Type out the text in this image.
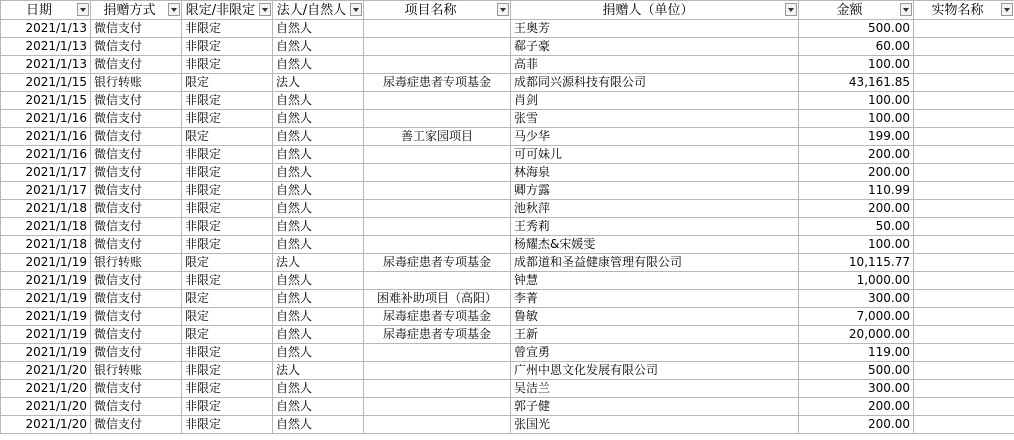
日期	捐赠方式	限定/非限定	法人/自然人	项目名称	捐赠人（单位）	金额	实物名称

2021/1/13	微信支付	非限定	自然人		王奥芳	500.00	
2021/1/13	微信支付	非限定	自然人		郗子豪	60.00	
2021/1/13	微信支付	非限定	自然人		高菲	100.00	
2021/1/15	银行转账	限定	法人	尿毒症患者专项基金	成都同兴源科技有限公司	43,161.85	
2021/1/15	微信支付	非限定	自然人		肖剑	100.00	
2021/1/16	微信支付	非限定	自然人		张雪	100.00	
2021/1/16	微信支付	限定	自然人	善工家园项目	马少华	199.00	
2021/1/16	微信支付	非限定	自然人		可可妹儿	200.00	
2021/1/17	微信支付	非限定	自然人		林海泉	200.00	
2021/1/17	微信支付	非限定	自然人		卿方露	110.99	
2021/1/18	微信支付	非限定	自然人		池秋萍	200.00	
2021/1/18	微信支付	非限定	自然人		王秀莉	50.00	
2021/1/18	微信支付	非限定	自然人		杨耀杰&宋媛雯	100.00	
2021/1/19	银行转账	限定	法人	尿毒症患者专项基金	成都道和圣益健康管理有限公司	10,115.77	
2021/1/19	微信支付	非限定	自然人		钟慧	1,000.00	
2021/1/19	微信支付	限定	自然人	困难补助项目（高阳）	李菁	300.00	
2021/1/19	微信支付	限定	自然人	尿毒症患者专项基金	鲁敏	7,000.00	
2021/1/19	微信支付	限定	自然人	尿毒症患者专项基金	王新	20,000.00	
2021/1/19	微信支付	非限定	自然人		曾宣勇	119.00	
2021/1/20	银行转账	非限定	法人		广州中恩文化发展有限公司	500.00	
2021/1/20	微信支付	非限定	自然人		吴洁兰	300.00	
2021/1/20	微信支付	非限定	自然人		郭子健	200.00	
2021/1/20	微信支付	非限定	自然人		张国光	200.00	
